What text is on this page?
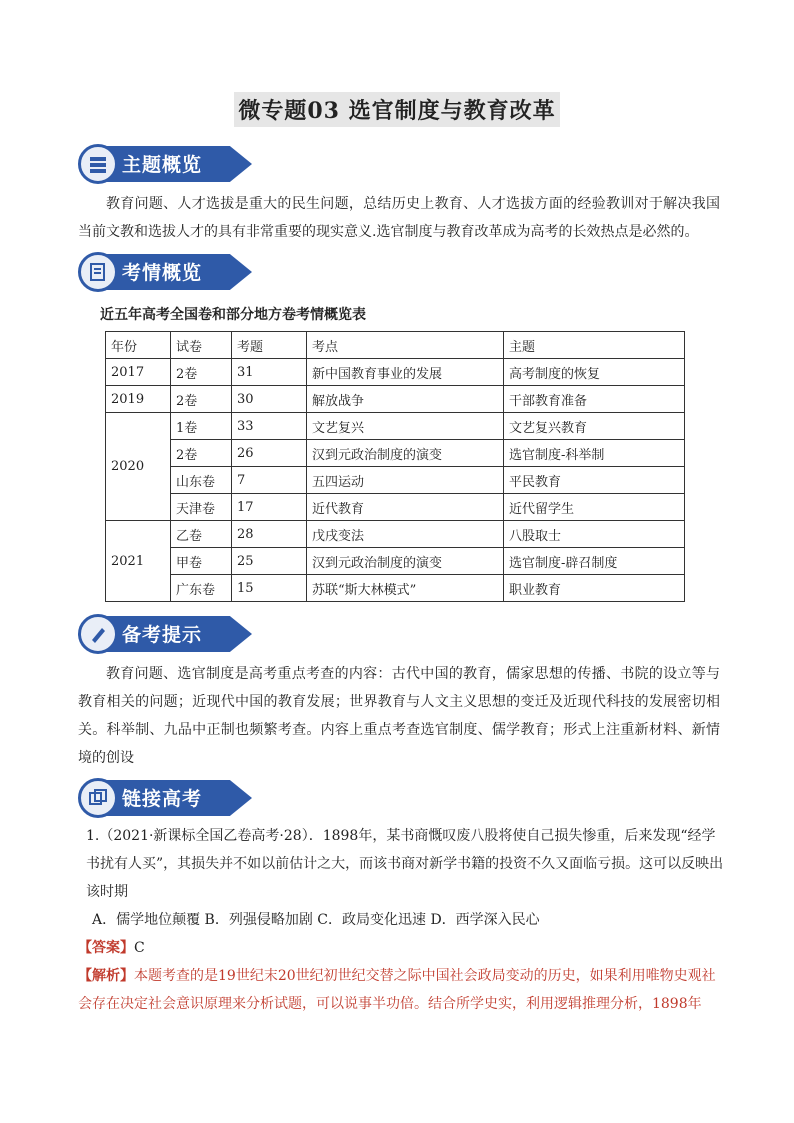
微专题03 选官制度与教育改革
主题概览
教育问题、人才选拔是重大的民生问题，总结历史上教育、人才选拔方面的经验教训对于解决我国当前文教和选拔人才的具有非常重要的现实意义.选官制度与教育改革成为高考的长效热点是必然的。
考情概览
近五年高考全国卷和部分地方卷考情概览表
年份	试卷	考题	考点	主题
2017	2卷	31	新中国教育事业的发展	高考制度的恢复
2019	2卷	30	解放战争	干部教育准备
2020	1卷	33	文艺复兴	文艺复兴教育
	2卷	26	汉到元政治制度的演变	选官制度-科举制
	山东卷	7	五四运动	平民教育
	天津卷	17	近代教育	近代留学生
2021	乙卷	28	戊戌变法	八股取士
	甲卷	25	汉到元政治制度的演变	选官制度-辟召制度
	广东卷	15	苏联“斯大林模式”	职业教育
备考提示
教育问题、选官制度是高考重点考查的内容：古代中国的教育，儒家思想的传播、书院的设立等与教育相关的问题；近现代中国的教育发展；世界教育与人文主义思想的变迁及近现代科技的发展密切相关。科举制、九品中正制也频繁考查。内容上重点考查选官制度、儒学教育；形式上注重新材料、新情境的创设
链接高考
1.（2021·新课标全国乙卷高考·28）．1898年，某书商慨叹废八股将使自己损失惨重，后来发现“经学书扰有人买”，其损失并不如以前估计之大，而该书商对新学书籍的投资不久又面临亏损。这可以反映出该时期
A．儒学地位颠覆 B．列强侵略加剧 C．政局变化迅速 D．西学深入民心
【答案】C
【解析】本题考查的是19世纪末20世纪初世纪交替之际中国社会政局变动的历史，如果利用唯物史观社会存在决定社会意识原理来分析试题，可以说事半功倍。结合所学史实，利用逻辑推理分析，1898年
